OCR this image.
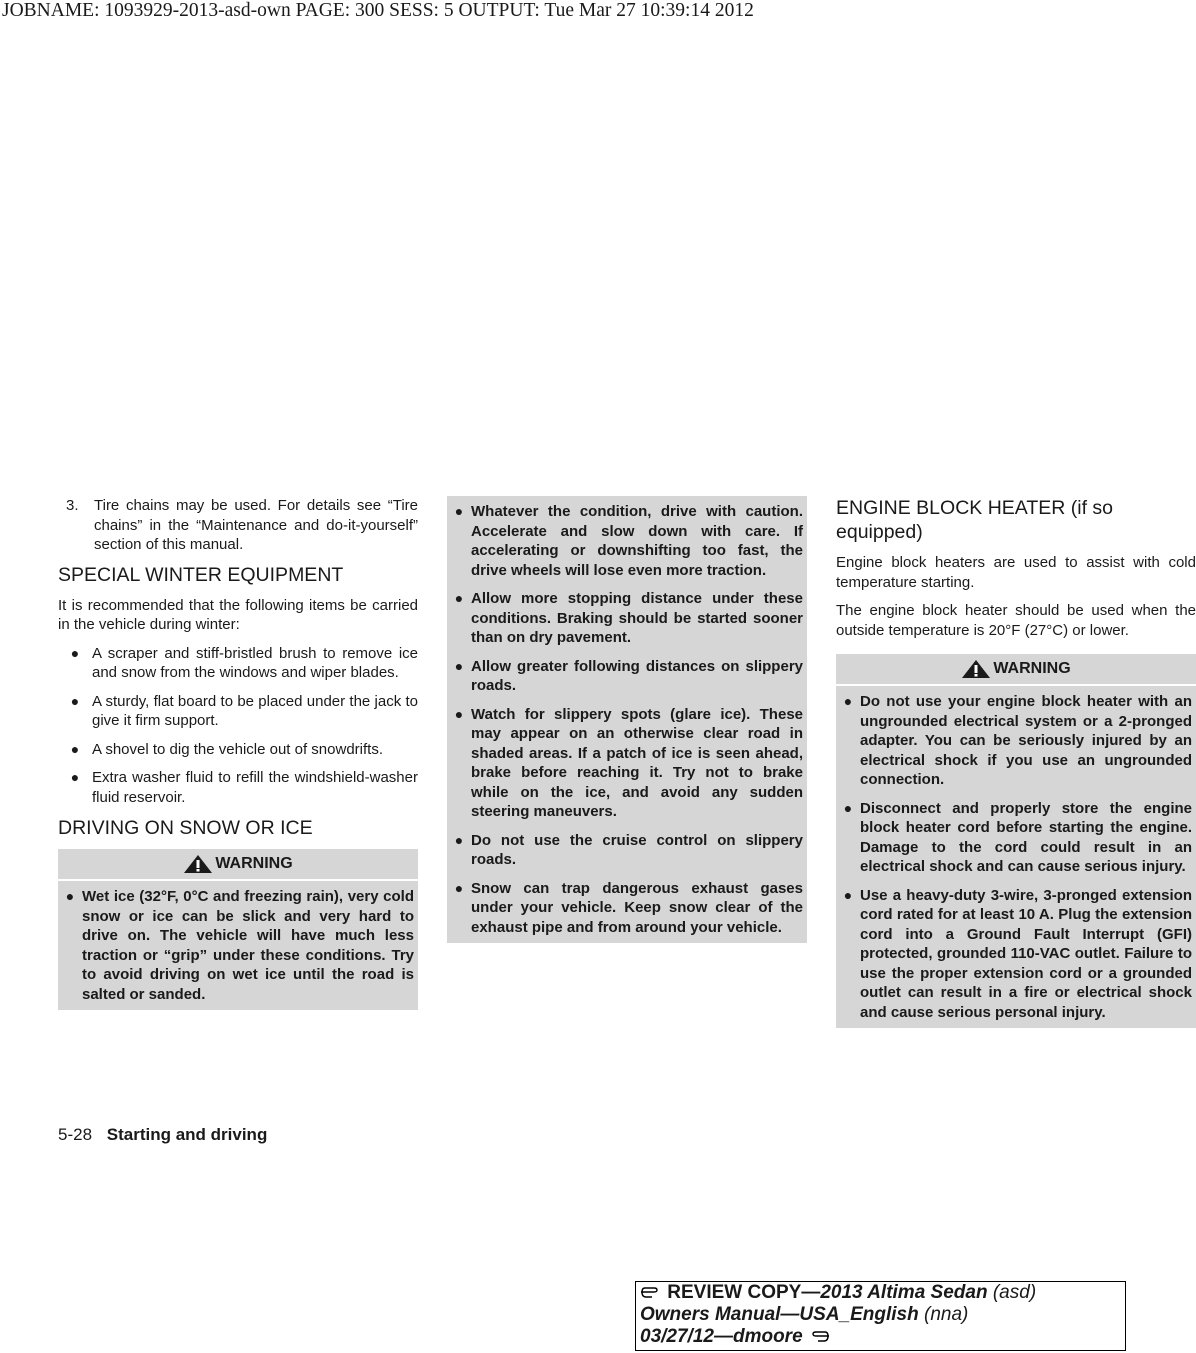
JOBNAME: 1093929-2013-asd-own PAGE: 300 SESS: 5 OUTPUT: Tue Mar 27 10:39:14 2012
3.	Tire chains may be used. For details see “Tire chains” in the “Maintenance and do-it-yourself” section of this manual.
SPECIAL WINTER EQUIPMENT

It is recommended that the following items be carried in the vehicle during winter:

● A scraper and stiff-bristled brush to remove ice and snow from the windows and wiper blades.
● A sturdy, flat board to be placed under the jack to give it firm support.
● A shovel to dig the vehicle out of snowdrifts.
● Extra washer fluid to refill the windshield-washer fluid reservoir.
DRIVING ON SNOW OR ICE
WARNING
● Wet ice (32°F, 0°C and freezing rain), very cold snow or ice can be slick and very hard to drive on. The vehicle will have much less traction or “grip” under these conditions. Try to avoid driving on wet ice until the road is salted or sanded.
● Whatever the condition, drive with caution. Accelerate and slow down with care. If accelerating or downshifting too fast, the drive wheels will lose even more traction.
● Allow more stopping distance under these conditions. Braking should be started sooner than on dry pavement.
● Allow greater following distances on slippery roads.
● Watch for slippery spots (glare ice). These may appear on an otherwise clear road in shaded areas. If a patch of ice is seen ahead, brake before reaching it. Try not to brake while on the ice, and avoid any sudden steering maneuvers.
● Do not use the cruise control on slippery roads.
● Snow can trap dangerous exhaust gases under your vehicle. Keep snow clear of the exhaust pipe and from around your vehicle.
ENGINE BLOCK HEATER (if so equipped)

Engine block heaters are used to assist with cold temperature starting.

The engine block heater should be used when the outside temperature is 20°F (27°C) or lower.

WARNING
● Do not use your engine block heater with an ungrounded electrical system or a 2-pronged adapter. You can be seriously injured by an electrical shock if you use an ungrounded connection.
● Disconnect and properly store the engine block heater cord before starting the engine. Damage to the cord could result in an electrical shock and can cause serious injury.
● Use a heavy-duty 3-wire, 3-pronged extension cord rated for at least 10 A. Plug the extension cord into a Ground Fault Interrupt (GFI) protected, grounded 110-VAC outlet. Failure to use the proper extension cord or a grounded outlet can result in a fire or electrical shock and cause serious personal injury.
5-28 Starting and driving
REVIEW COPY—2013 Altima Sedan (asd)
Owners Manual—USA_English (nna)
03/27/12—dmoore
